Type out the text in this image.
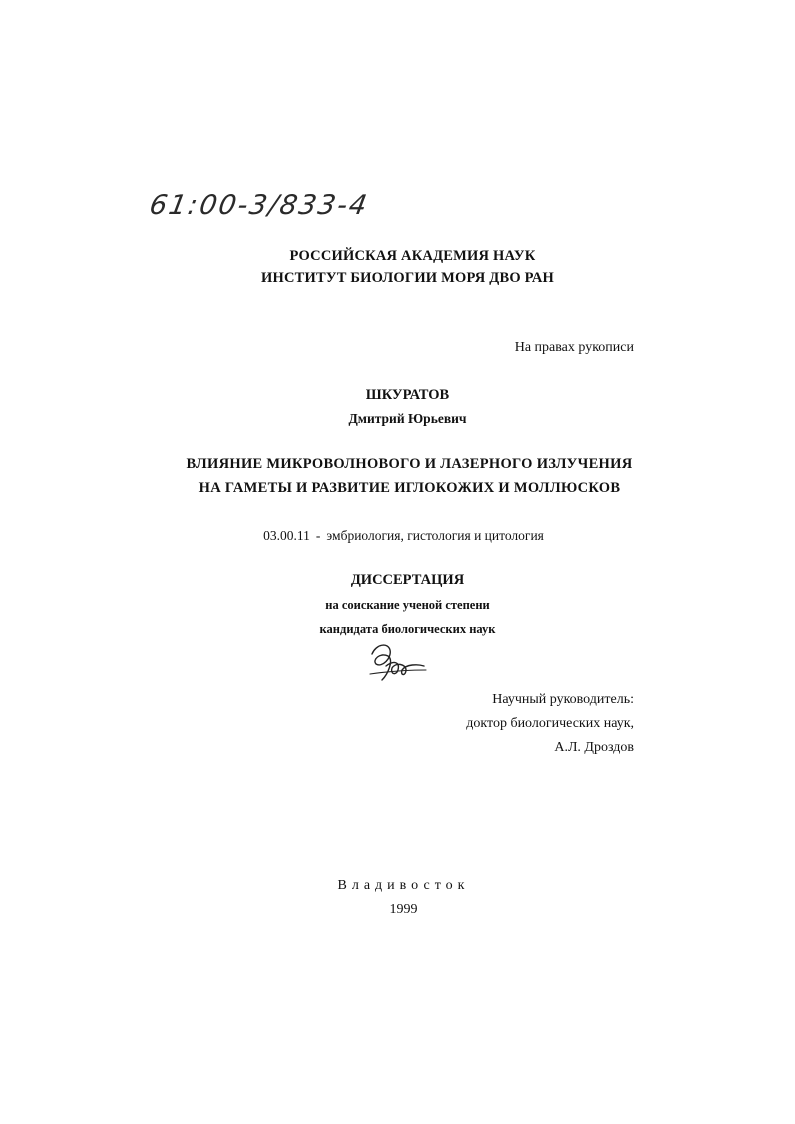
61:00-3/833-4
РОССИЙСКАЯ АКАДЕМИЯ НАУК
ИНСТИТУТ БИОЛОГИИ МОРЯ ДВО РАН
На правах рукописи
ШКУРАТОВ
Дмитрий Юрьевич
ВЛИЯНИЕ МИКРОВОЛНОВОГО И ЛАЗЕРНОГО ИЗЛУЧЕНИЯ
НА ГАМЕТЫ И РАЗВИТИЕ ИГЛОКОЖИХ И МОЛЛЮСКОВ
03.00.11 - эмбриология, гистология и цитология
ДИССЕРТАЦИЯ
на соискание ученой степени
кандидата биологических наук
Научный руководитель:
доктор биологических наук,
А.Л. Дроздов
Владивосток
1999
